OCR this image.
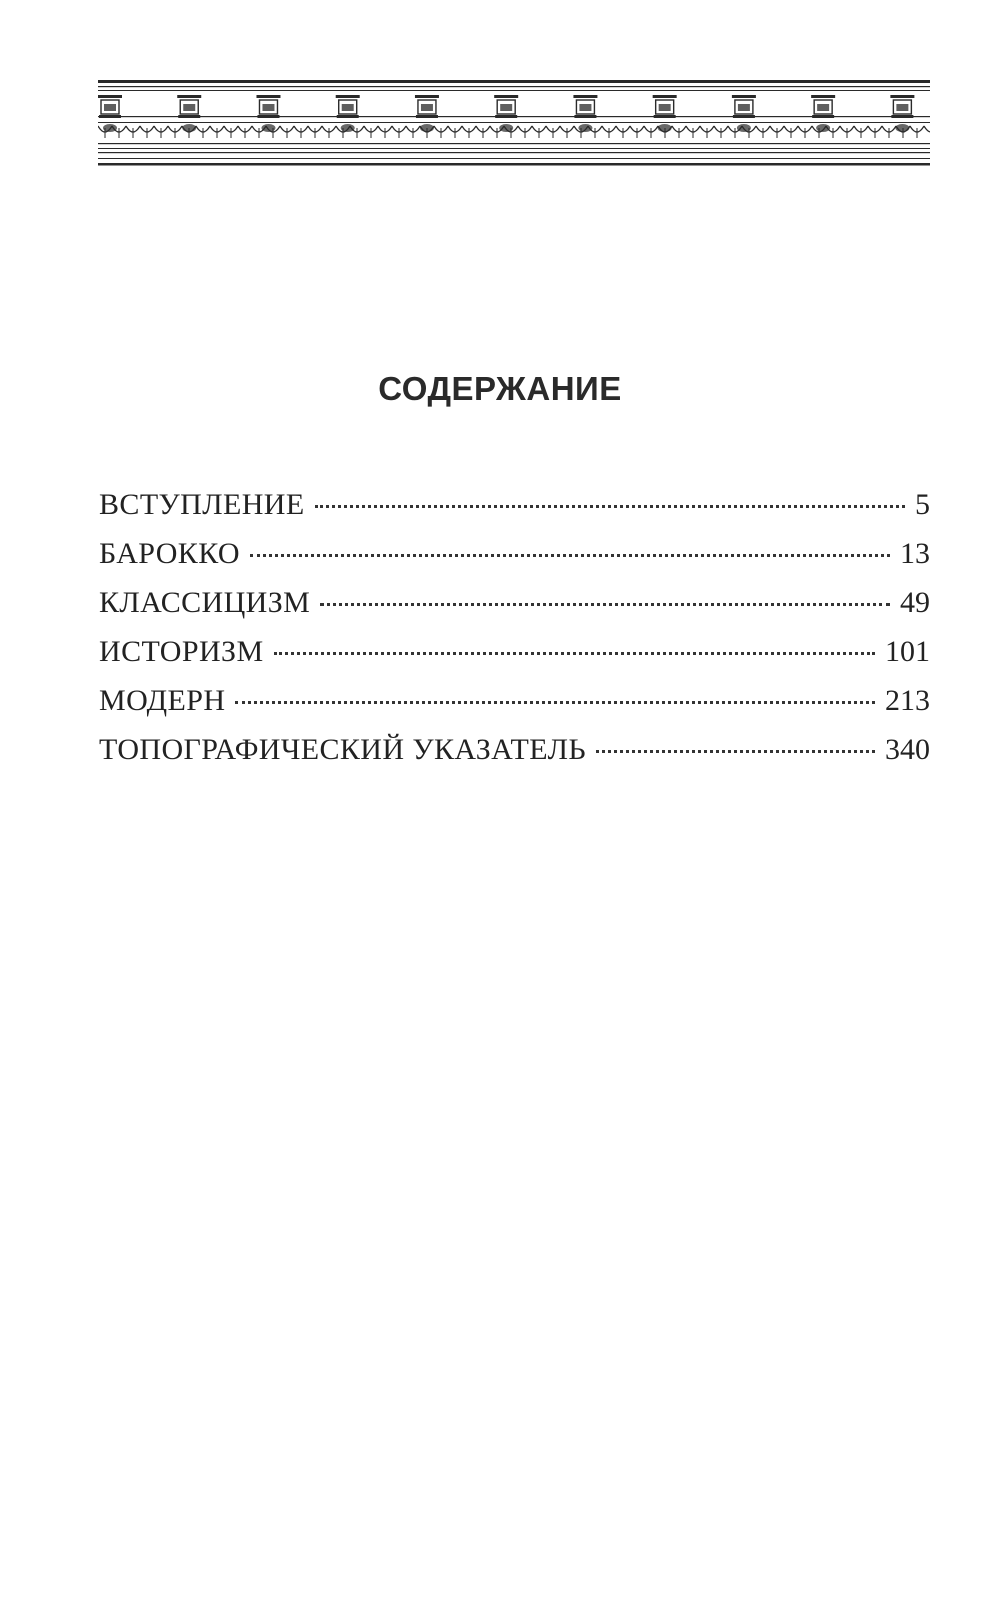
СОДЕРЖАНИЕ
ВСТУПЛЕНИЕ	5
БАРОККО	13
КЛАССИЦИЗМ	49
ИСТОРИЗМ	101
МОДЕРН	213
ТОПОГРАФИЧЕСКИЙ УКАЗАТЕЛЬ	340
